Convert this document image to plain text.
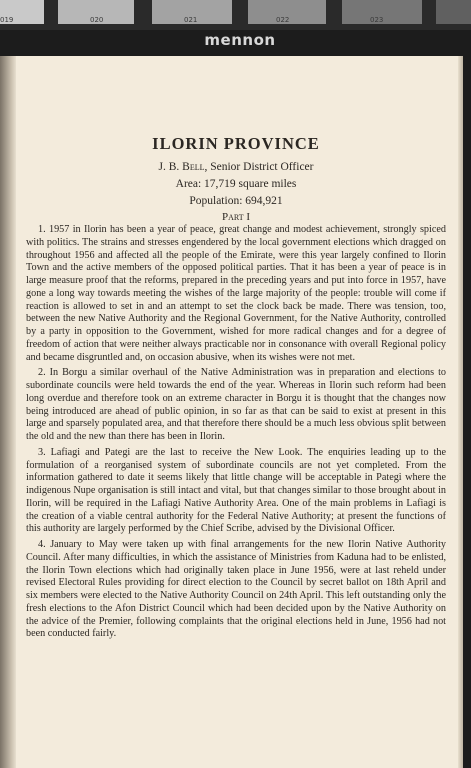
019	020	021	022	023
mennon
ILORIN PROVINCE
J. B. Bell, Senior District Officer
Area: 17,719 square miles
Population: 694,921
Part I

1. 1957 in Ilorin has been a year of peace, great change and modest achievement, strongly spiced with politics. The strains and stresses engendered by the local government elections which dragged on throughout 1956 and affected all the people of the Emirate, were this year largely confined to Ilorin Town and the active members of the opposed political parties. That it has been a year of peace is in large measure proof that the reforms, prepared in the preceding years and put into force in 1957, have gone a long way towards meeting the wishes of the large majority of the people: trouble will come if reaction is allowed to set in and an attempt to set the clock back be made. There was tension, too, between the new Native Authority and the Regional Government, for the Native Authority, controlled by a party in opposition to the Government, wished for more radical changes and for a degree of freedom of action that were neither always practicable nor in consonance with overall Regional policy and became disgruntled and, on occasion abusive, when its wishes were not met.

2. In Borgu a similar overhaul of the Native Administration was in preparation and elections to subordinate councils were held towards the end of the year. Whereas in Ilorin such reform had been long overdue and therefore took on an extreme character in Borgu it is thought that the changes now being introduced are ahead of public opinion, in so far as that can be said to exist at present in this large and sparsely populated area, and that therefore there should be a much less obvious split between the old and the new than there has been in Ilorin.

3. Lafiagi and Pategi are the last to receive the New Look. The enquiries leading up to the formulation of a reorganised system of subordinate councils are not yet completed. From the information gathered to date it seems likely that little change will be acceptable in Pategi where the indigenous Nupe organisation is still intact and vital, but that changes similar to those brought about in Ilorin, will be required in the Lafiagi Native Authority Area. One of the main problems in Lafiagi is the creation of a viable central authority for the Federal Native Authority; at present the functions of this authority are largely performed by the Chief Scribe, advised by the Divisional Officer.

4. January to May were taken up with final arrangements for the new Ilorin Native Authority Council. After many difficulties, in which the assistance of Ministries from Kaduna had to be enlisted, the Ilorin Town elections which had originally taken place in June 1956, were at last reheld under revised Electoral Rules providing for direct election to the Council by secret ballot on 18th April and six members were elected to the Native Authority Council on 24th April. This left outstanding only the fresh elections to the Afon District Council which had been decided upon by the Native Authority on the advice of the Premier, following complaints that the original elections held in June, 1956 had not been conducted fairly.
